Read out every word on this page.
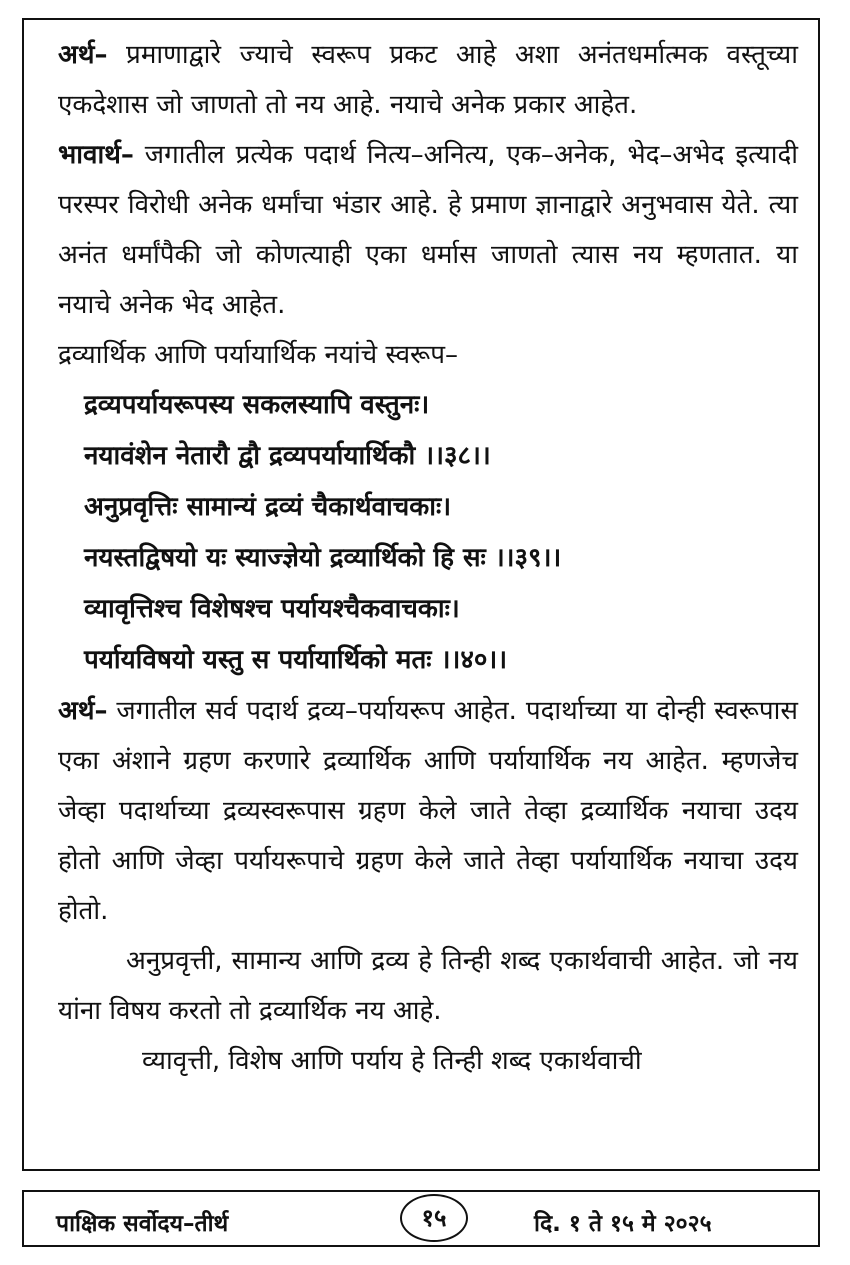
अर्थ– प्रमाणाद्वारे ज्याचे स्वरूप प्रकट आहे अशा अनंतधर्मात्मक वस्तूच्या एकदेशास जो जाणतो तो नय आहे. नयाचे अनेक प्रकार आहेत.

भावार्थ– जगातील प्रत्येक पदार्थ नित्य–अनित्य, एक–अनेक, भेद–अभेद इत्यादी परस्पर विरोधी अनेक धर्मांचा भंडार आहे. हे प्रमाण ज्ञानाद्वारे अनुभवास येते. त्या अनंत धर्मांपैकी जो कोणत्याही एका धर्मास जाणतो त्यास नय म्हणतात. या नयाचे अनेक भेद आहेत.

द्रव्यार्थिक आणि पर्यायार्थिक नयांचे स्वरूप–

द्रव्यपर्यायरूपस्य सकलस्यापि वस्तुनः।
नयावंशेन नेतारौ द्वौ द्रव्यपर्यायार्थिकौ ।।३८।।
अनुप्रवृत्तिः सामान्यं द्रव्यं चैकार्थवाचकाः।
नयस्तद्विषयो यः स्याज्ज्ञेयो द्रव्यार्थिको हि सः ।।३९।।
व्यावृत्तिश्च विशेषश्च पर्यायश्चैकवाचकाः।
पर्यायविषयो यस्तु स पर्यायार्थिको मतः ।।४०।।

अर्थ– जगातील सर्व पदार्थ द्रव्य–पर्यायरूप आहेत. पदार्थाच्या या दोन्ही स्वरूपास एका अंशाने ग्रहण करणारे द्रव्यार्थिक आणि पर्यायार्थिक नय आहेत. म्हणजेच जेव्हा पदार्थाच्या द्रव्यस्वरूपास ग्रहण केले जाते तेव्हा द्रव्यार्थिक नयाचा उदय होतो आणि जेव्हा पर्यायरूपाचे ग्रहण केले जाते तेव्हा पर्यायार्थिक नयाचा उदय होतो.

अनुप्रवृत्ती, सामान्य आणि द्रव्य हे तिन्ही शब्द एकार्थवाची आहेत. जो नय यांना विषय करतो तो द्रव्यार्थिक नय आहे.

व्यावृत्ती, विशेष आणि पर्याय हे तिन्ही शब्द एकार्थवाची

पाक्षिक सर्वोदय–तीर्थ	१५	दि. १ ते १५ मे २०२५
